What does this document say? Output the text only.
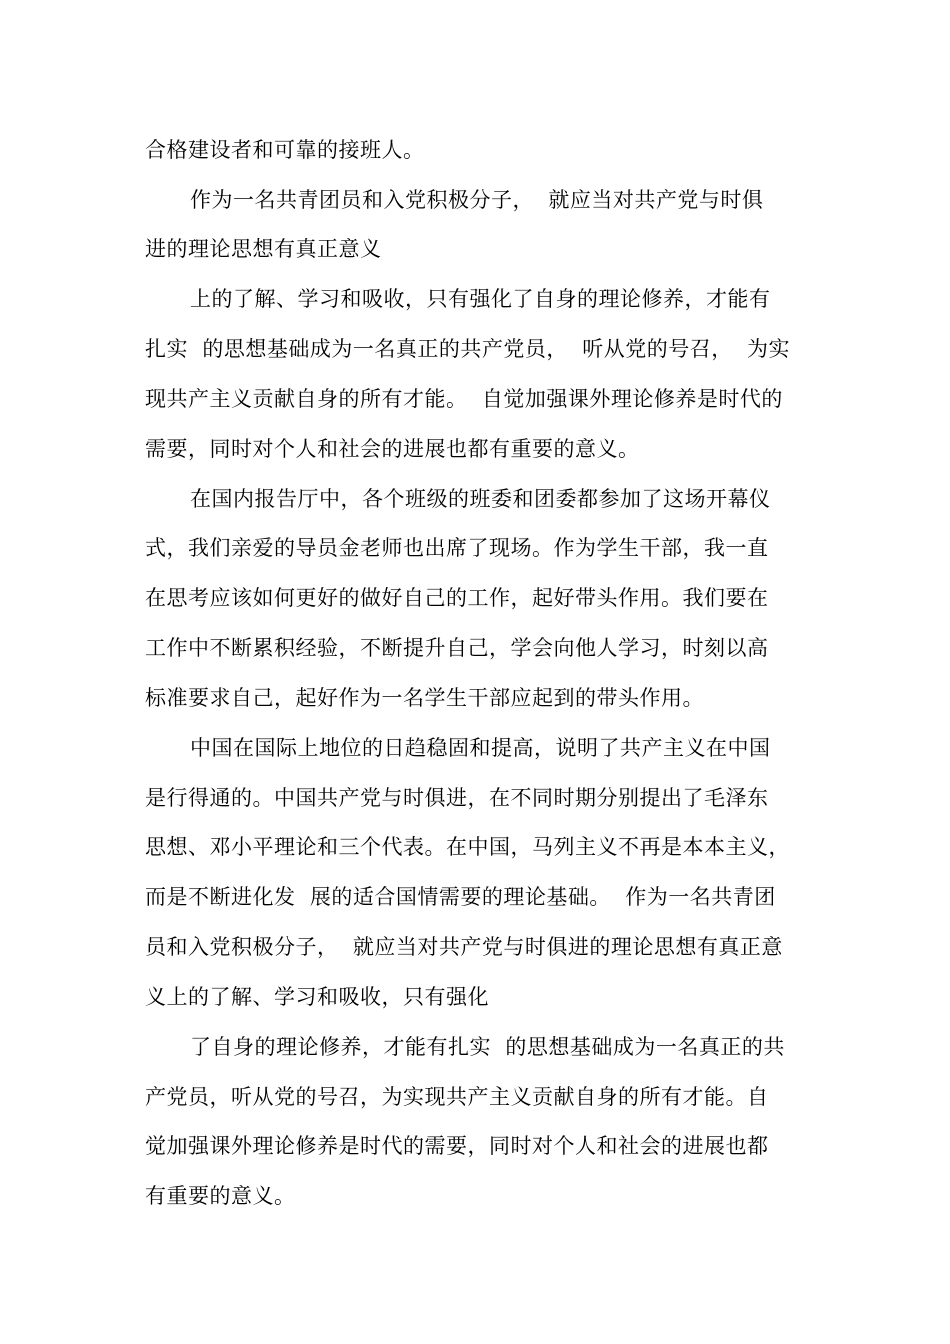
合格建设者和可靠的接班人。
作为一名共青团员和入党积极分子，  就应当对共产党与时俱
进的理论思想有真正意义
上的了解、学习和吸收，只有强化了自身的理论修养，才能有
扎实  的思想基础成为一名真正的共产党员，  听从党的号召，  为实
现共产主义贡献自身的所有才能。  自觉加强课外理论修养是时代的
需要，同时对个人和社会的进展也都有重要的意义。
在国内报告厅中，各个班级的班委和团委都参加了这场开幕仪
式，我们亲爱的导员金老师也出席了现场。作为学生干部，我一直
在思考应该如何更好的做好自己的工作，起好带头作用。我们要在
工作中不断累积经验，不断提升自己，学会向他人学习，时刻以高
标准要求自己，起好作为一名学生干部应起到的带头作用。
中国在国际上地位的日趋稳固和提高，说明了共产主义在中国
是行得通的。中国共产党与时俱进，在不同时期分别提出了毛泽东
思想、邓小平理论和三个代表。在中国，马列主义不再是本本主义，
而是不断进化发  展的适合国情需要的理论基础。  作为一名共青团
员和入党积极分子，  就应当对共产党与时俱进的理论思想有真正意
义上的了解、学习和吸收，只有强化
了自身的理论修养，才能有扎实  的思想基础成为一名真正的共
产党员，听从党的号召，为实现共产主义贡献自身的所有才能。自
觉加强课外理论修养是时代的需要，同时对个人和社会的进展也都
有重要的意义。
